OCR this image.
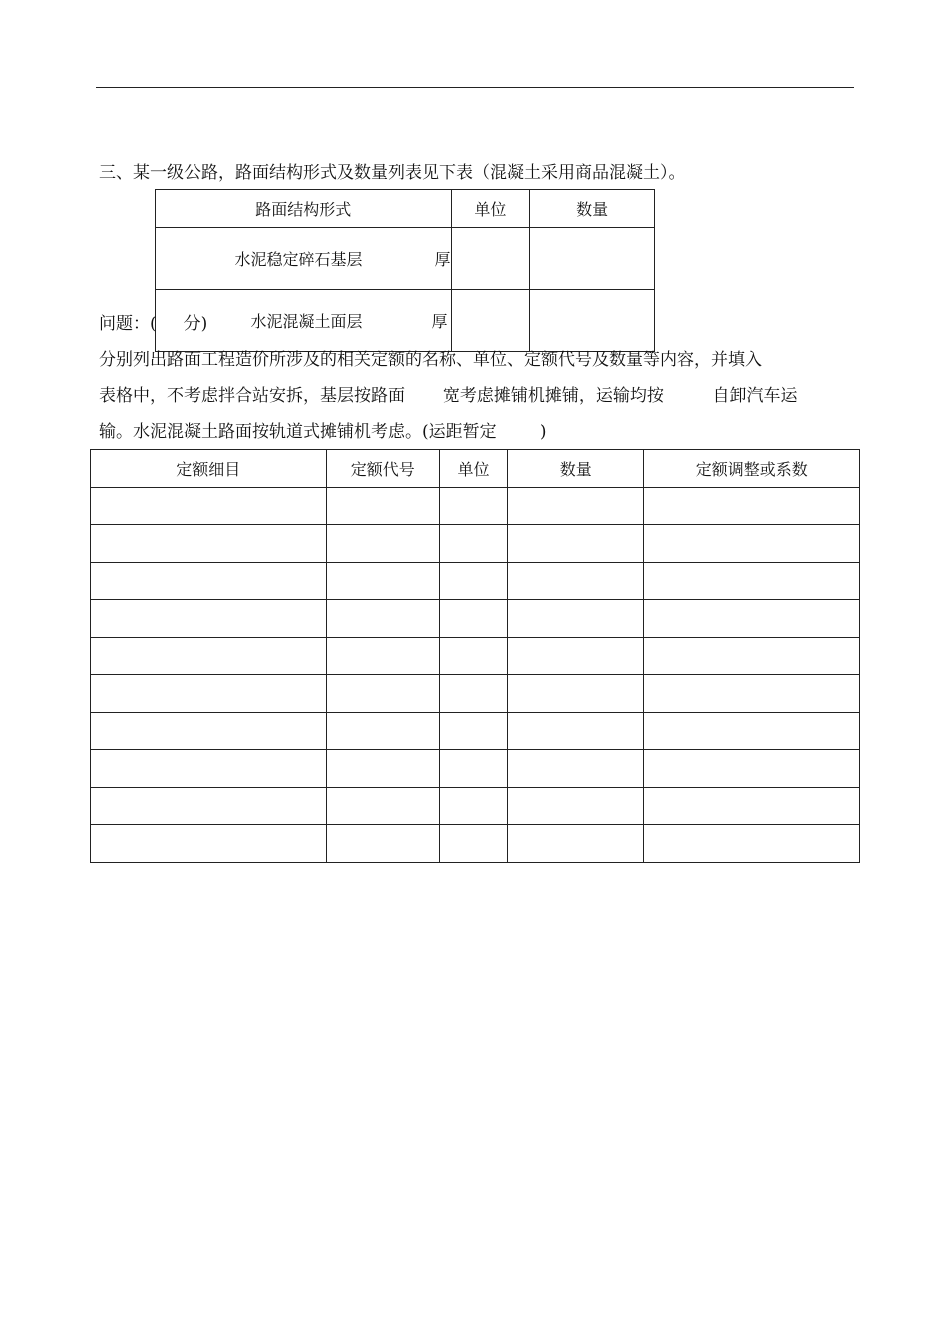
三、某一级公路，路面结构形式及数量列表见下表（混凝土采用商品混凝土）。
路面结构形式	单位	数量

水泥稳定碎石基层 厚

水泥混凝土面层 厚

问题：(     分)
分别列出路面工程造价所涉及的相关定额的名称、单位、定额代号及数量等内容，并填入
表格中，不考虑拌合站安拆，基层按路面       宽考虑摊铺机摊铺，运输均按         自卸汽车运
输。水泥混凝土路面按轨道式摊铺机考虑。(运距暂定        )
定额细目	定额代号	单位	数量	定额调整或系数
